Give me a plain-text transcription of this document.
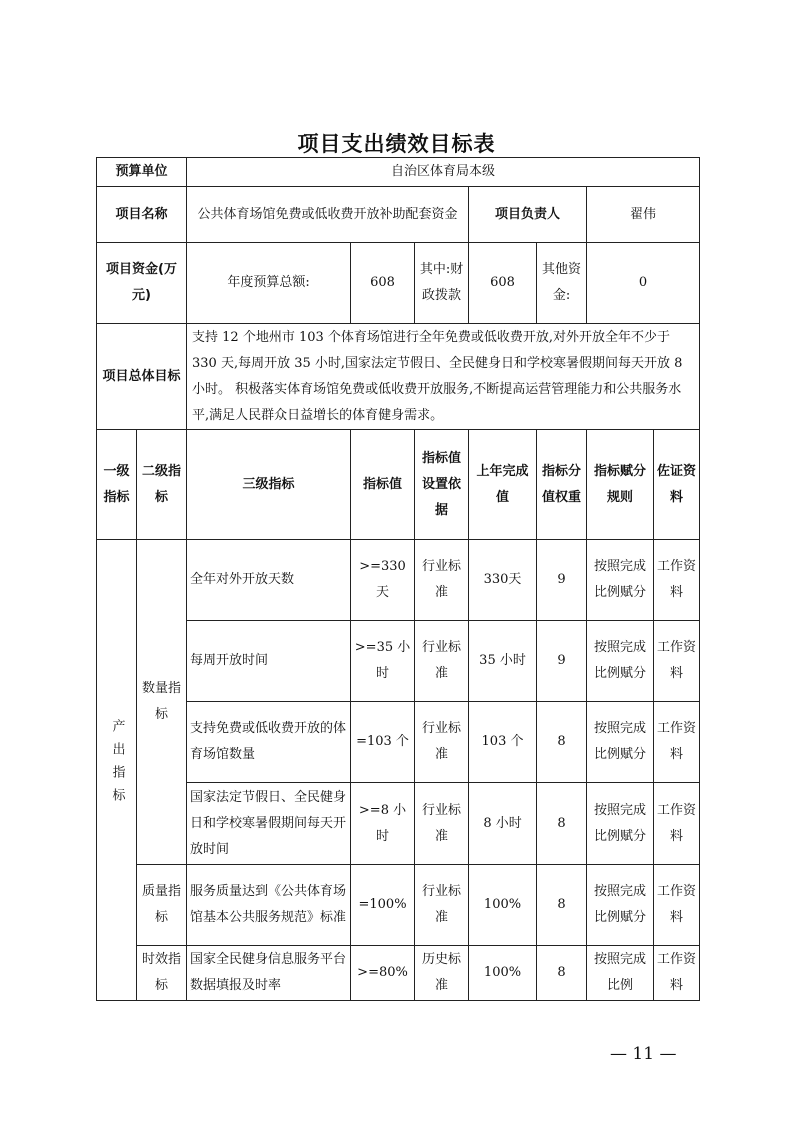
项目支出绩效目标表
预算单位		自治区体育局本级						
项目名称		公共体育场馆免费或低收费开放补助配套资金			项目负责人		翟伟	
项目资金(万元)		年度预算总额:	608	其中:财政拨款	608	其他资金:	0	
项目总体目标		支持 12 个地州市 103 个体育场馆进行全年免费或低收费开放,对外开放全年不少于 330 天,每周开放 35 小时,国家法定节假日、全民健身日和学校寒暑假期间每天开放 8 小时。 积极落实体育场馆免费或低收费开放服务,不断提高运营管理能力和公共服务水平,满足人民群众日益增长的体育健身需求。						
一级指标	二级指标	三级指标	指标值	指标值设置依据	上年完成值	指标分值权重	指标赋分规则	佐证资料
产出指标	数量指标	全年对外开放天数	>=330天	行业标准	330天	9	按照完成比例赋分	工作资料
		每周开放时间	>=35 小时	行业标准	35 小时	9	按照完成比例赋分	工作资料
		支持免费或低收费开放的体育场馆数量	=103 个	行业标准	103 个	8	按照完成比例赋分	工作资料
		国家法定节假日、全民健身日和学校寒暑假期间每天开放时间	>=8 小时	行业标准	8 小时	8	按照完成比例赋分	工作资料
	质量指标	服务质量达到《公共体育场馆基本公共服务规范》标准	=100%	行业标准	100%	8	按照完成比例赋分	工作资料
	时效指标	国家全民健身信息服务平台数据填报及时率	>=80%	历史标准	100%	8	按照完成比例	工作资料
— 11 —
